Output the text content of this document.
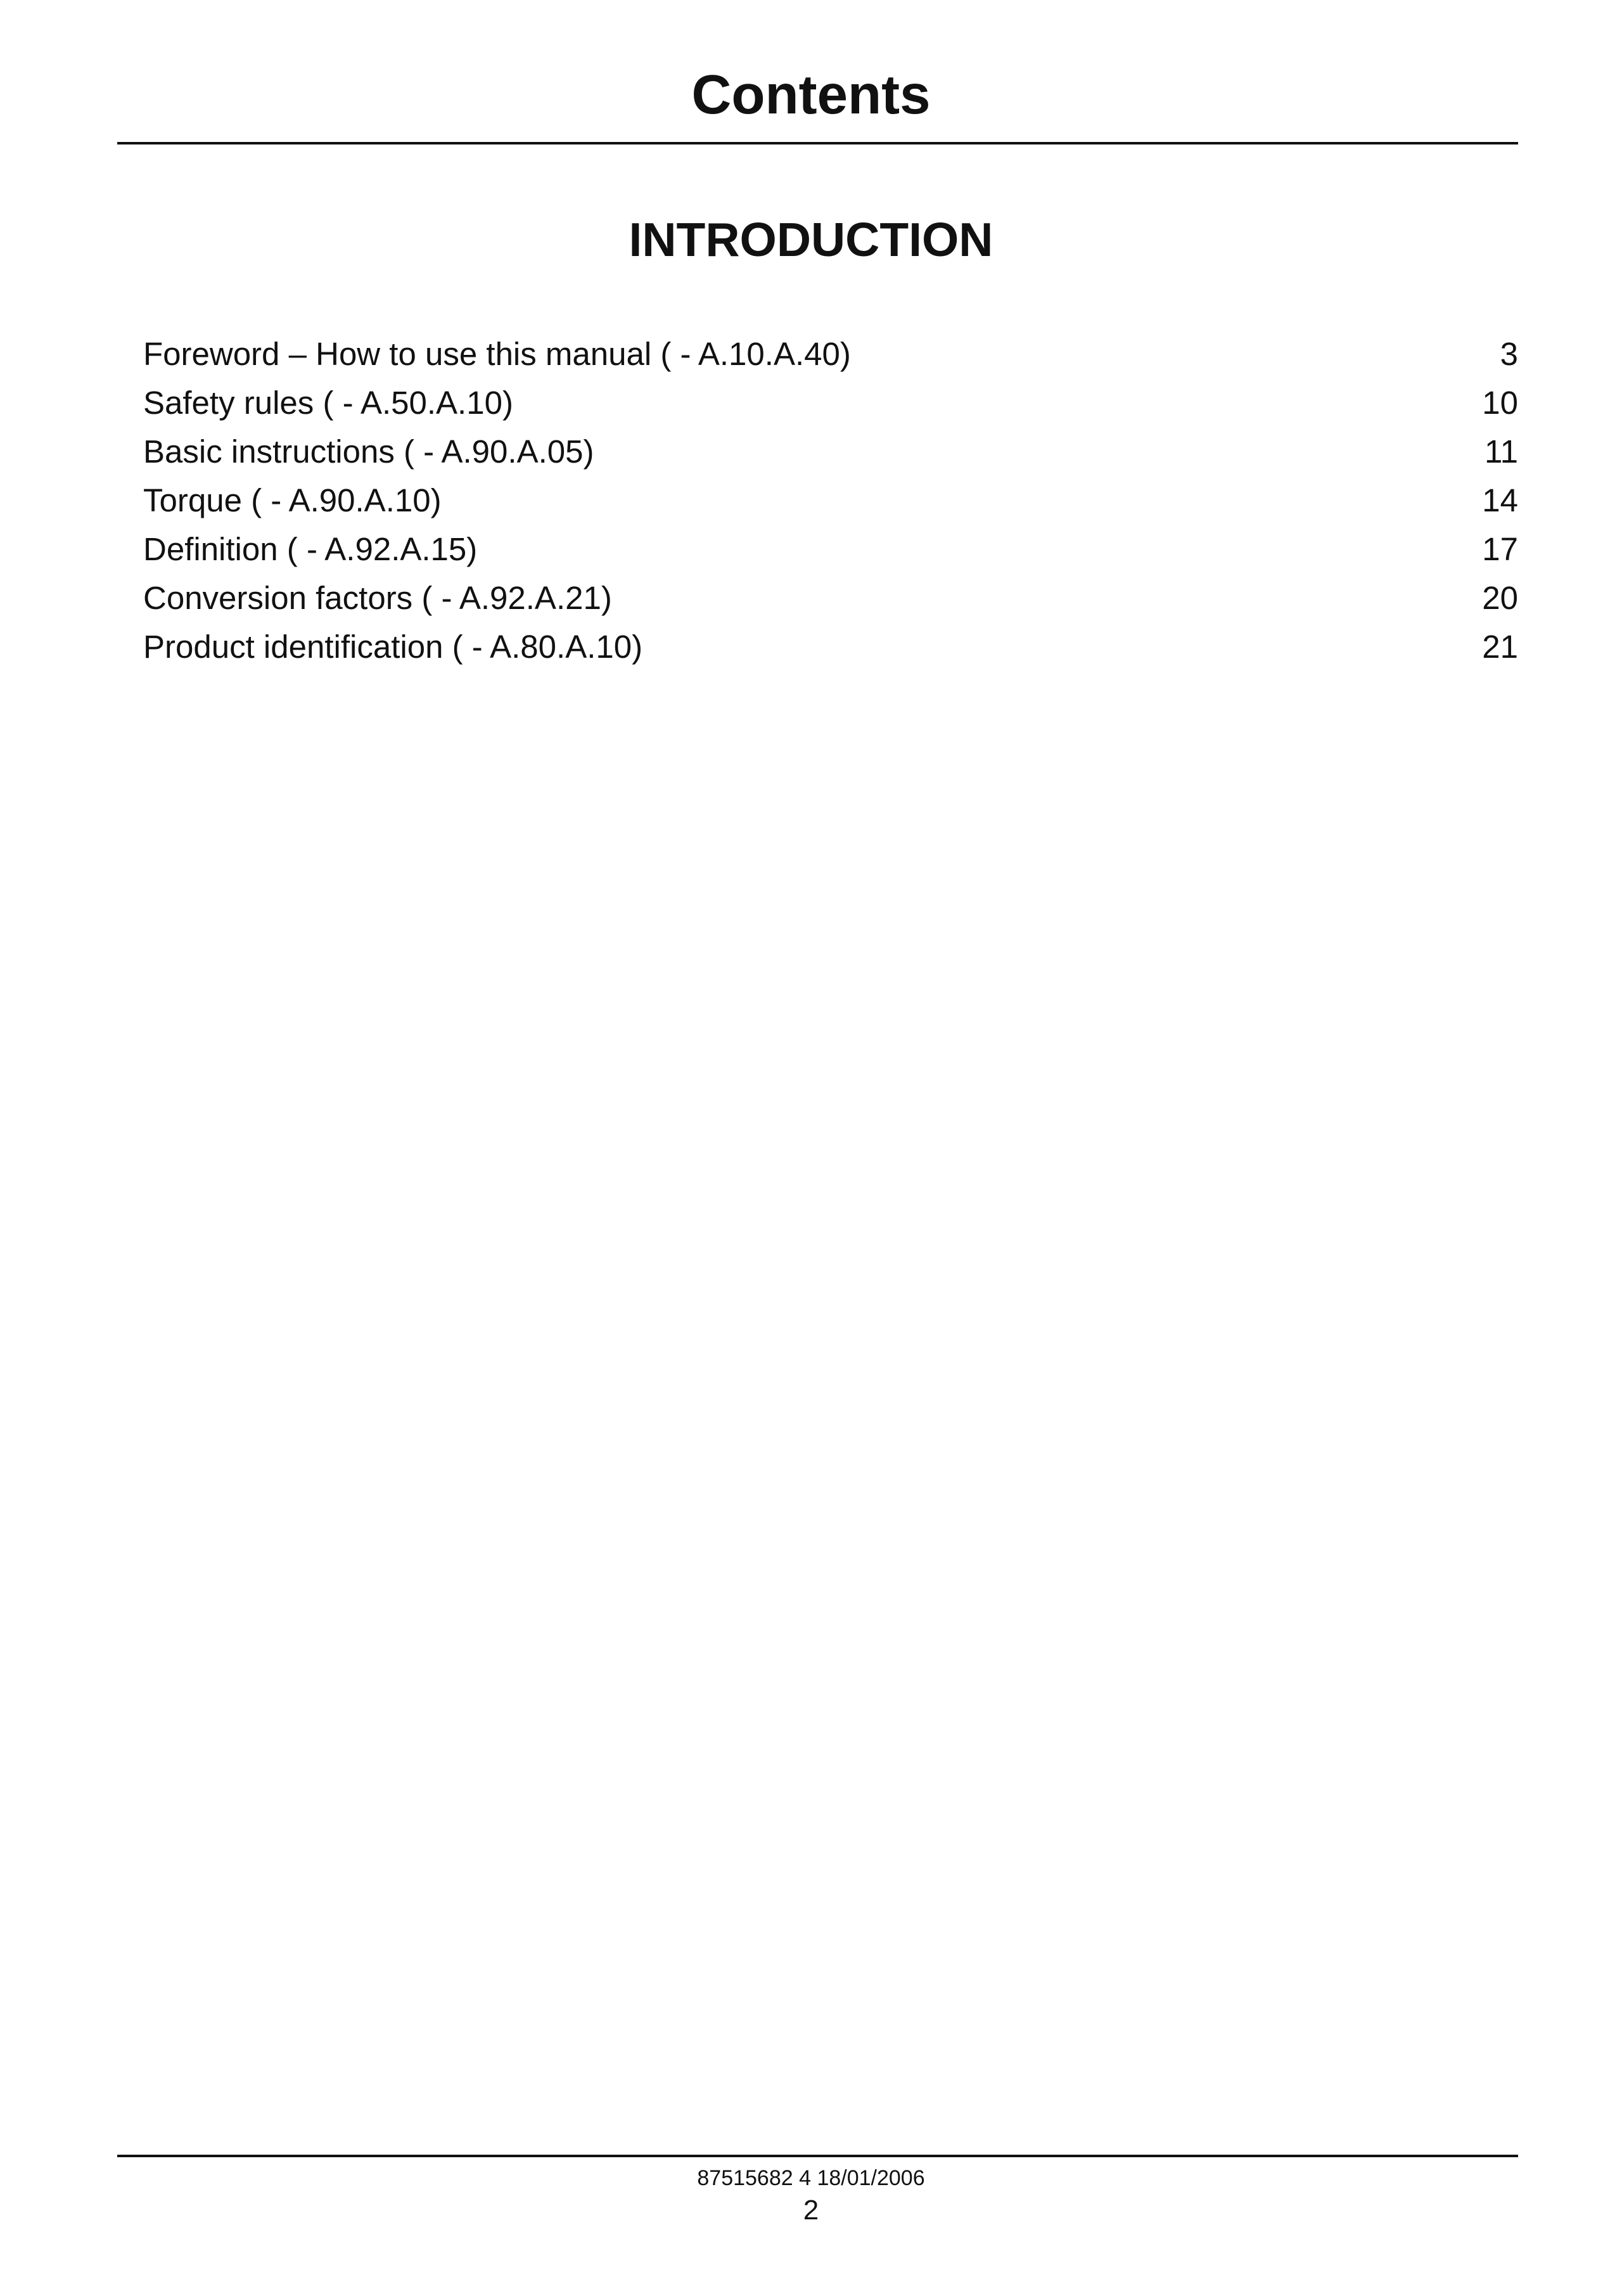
Contents
INTRODUCTION
Foreword – How to use this manual ( - A.10.A.40)	3
Safety rules ( - A.50.A.10)	10
Basic instructions ( - A.90.A.05)	11
Torque ( - A.90.A.10)	14
Definition ( - A.92.A.15)	17
Conversion factors ( - A.92.A.21)	20
Product identification ( - A.80.A.10)	21
87515682 4 18/01/2006
2
